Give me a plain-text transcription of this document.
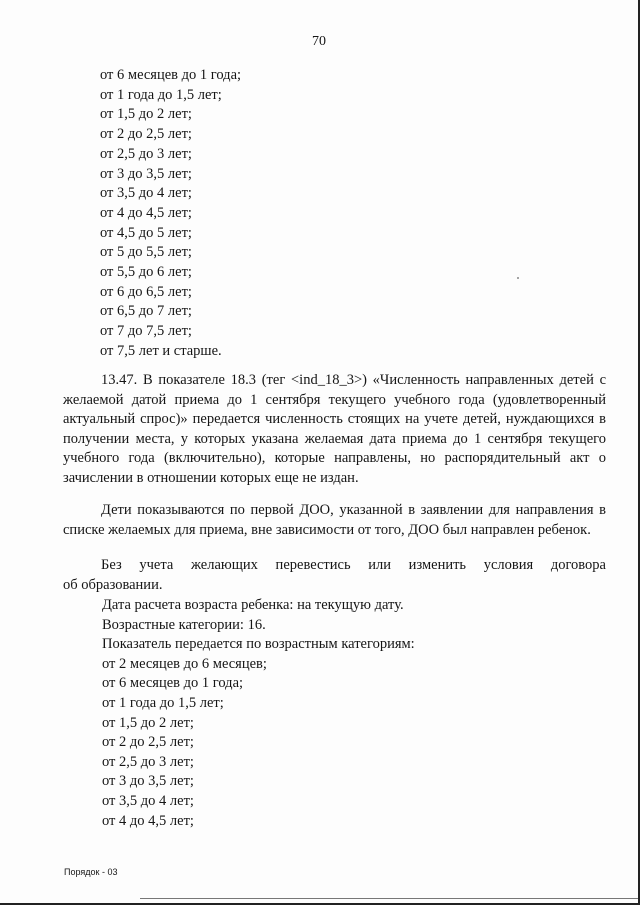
70
от 6 месяцев до 1 года;
от 1 года до 1,5 лет;
от 1,5 до 2 лет;
от 2 до 2,5 лет;
от 2,5 до 3 лет;
от 3 до 3,5 лет;
от 3,5 до 4 лет;
от 4 до 4,5 лет;
от 4,5 до 5 лет;
от 5 до 5,5 лет;
от 5,5 до 6 лет;
от 6 до 6,5 лет;
от 6,5 до 7 лет;
от 7 до 7,5 лет;
от 7,5 лет и старше.
13.47. В показателе 18.3 (тег <ind_18_3>) «Численность направленных детей с желаемой датой приема до 1 сентября текущего учебного года (удовлетворенный актуальный спрос)» передается численность стоящих на учете детей, нуждающихся в получении места, у которых указана желаемая дата приема до 1 сентября текущего учебного года (включительно), которые направлены, но распорядительный акт о зачислении в отношении которых еще не издан.
Дети показываются по первой ДОО, указанной в заявлении для направления в списке желаемых для приема, вне зависимости от того, ДОО был направлен ребенок.
Без учета желающих перевестись или изменить условия договора
об образовании.
Дата расчета возраста ребенка: на текущую дату.
Возрастные категории: 16.
Показатель передается по возрастным категориям:
от 2 месяцев до 6 месяцев;
от 6 месяцев до 1 года;
от 1 года до 1,5 лет;
от 1,5 до 2 лет;
от 2 до 2,5 лет;
от 2,5 до 3 лет;
от 3 до 3,5 лет;
от 3,5 до 4 лет;
от 4 до 4,5 лет;
Порядок - 03
